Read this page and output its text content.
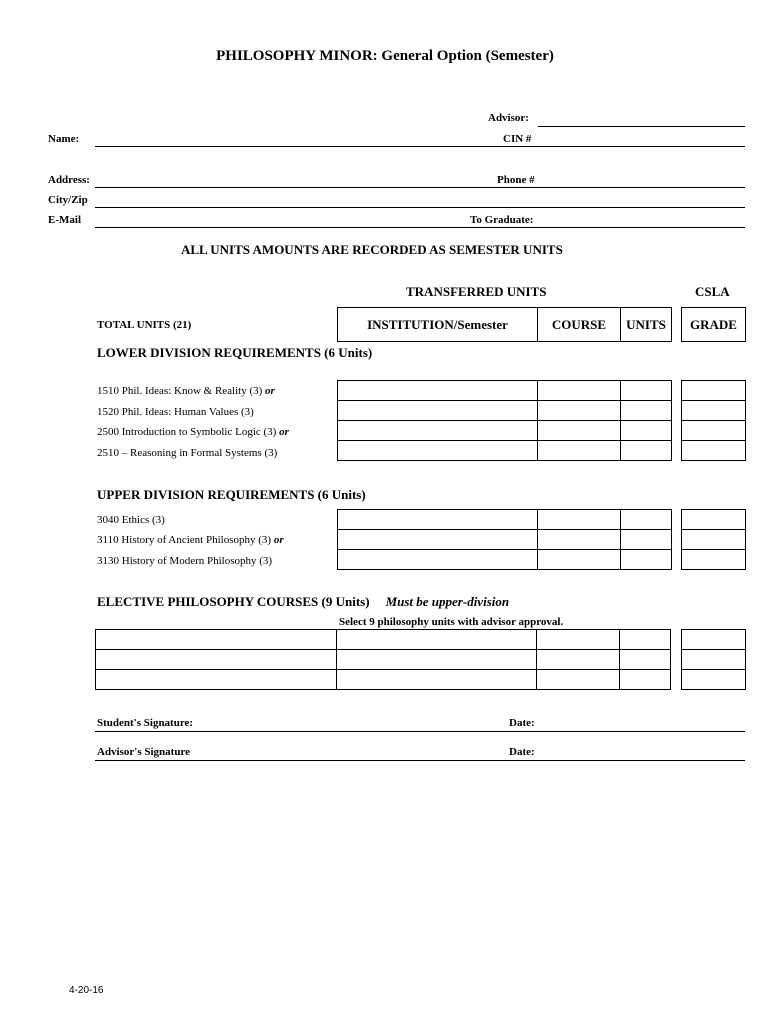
PHILOSOPHY MINOR: General Option (Semester)
Advisor:
Name:	CIN #
Address:	Phone #
City/Zip
E-Mail	To Graduate:
ALL UNITS AMOUNTS ARE RECORDED AS SEMESTER UNITS
TRANSFERRED UNITS	CSLA
TOTAL UNITS (21)	INSTITUTION/Semester	COURSE	UNITS	GRADE
LOWER DIVISION REQUIREMENTS (6 Units)
1510 Phil. Ideas: Know & Reality (3) or
1520 Phil. Ideas: Human Values (3)
2500 Introduction to Symbolic Logic (3) or
2510 – Reasoning in Formal Systems (3)

UPPER DIVISION REQUIREMENTS (6 Units)
3040 Ethics (3)
3110 History of Ancient Philosophy (3) or
3130 History of Modern Philosophy (3)

ELECTIVE PHILOSOPHY COURSES (9 Units) Must be upper-division
Select 9 philosophy units with advisor approval.

Student's Signature:	Date:
Advisor's Signature	Date:
4-20-16
